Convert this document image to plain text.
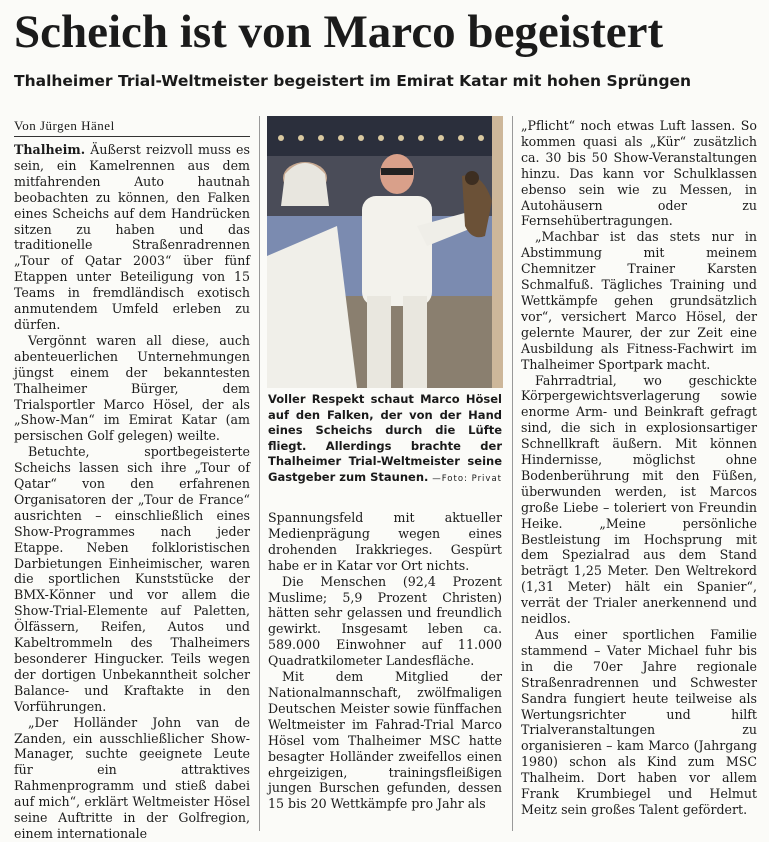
Scheich ist von Marco begeistert
Thalheimer Trial-Weltmeister begeistert im Emirat Katar mit hohen Sprüngen
Von Jürgen Hänel

Thalheim. Äußerst reizvoll muss es sein, ein Kamelrennen aus dem mitfahrenden Auto hautnah beobachten zu können, den Falken eines Scheichs auf dem Handrücken sitzen zu haben und das traditionelle Straßenradrennen „Tour of Qatar 2003“ über fünf Etappen unter Beteiligung von 15 Teams in fremdländisch exotisch anmutendem Umfeld erleben zu dürfen.

Vergönnt waren all diese, auch abenteuerlichen Unternehmungen jüngst einem der bekanntesten Thalheimer Bürger, dem Trialsportler Marco Hösel, der als „Show-Man“ im Emirat Katar (am persischen Golf gelegen) weilte.

Betuchte, sportbegeisterte Scheichs lassen sich ihre „Tour of Qatar“ von den erfahrenen Organisatoren der „Tour de France“ ausrichten – einschließlich eines Show-Programmes nach jeder Etappe. Neben folkloristischen Darbietungen Einheimischer, waren die sportlichen Kunststücke der BMX-Könner und vor allem die Show-Trial-Elemente auf Paletten, Ölfässern, Reifen, Autos und Kabeltrommeln des Thalheimers besonderer Hingucker. Teils wegen der dortigen Unbekanntheit solcher Balance- und Kraftakte in den Vorführungen.

„Der Holländer John van de Zanden, ein ausschließlicher Show-Manager, suchte geeignete Leute für ein attraktives Rahmenprogramm und stieß dabei auf mich“, erklärt Weltmeister Hösel seine Auftritte in der Golfregion, einem internationale

Voller Respekt schaut Marco Hösel auf den Falken, der von der Hand eines Scheichs durch die Lüfte fliegt. Allerdings brachte der Thalheimer Trial-Weltmeister seine Gastgeber zum Staunen. —Foto: Privat

Spannungsfeld mit aktueller Medienprägung wegen eines drohenden Irakkrieges. Gespürt habe er in Katar vor Ort nichts.

Die Menschen (92,4 Prozent Muslime; 5,9 Prozent Christen) hätten sehr gelassen und freundlich gewirkt. Insgesamt leben ca. 589.000 Einwohner auf 11.000 Quadratkilometer Landesfläche.

Mit dem Mitglied der Nationalmannschaft, zwölfmaligen Deutschen Meister sowie fünffachen Weltmeister im Fahrad-Trial Marco Hösel vom Thalheimer MSC hatte besagter Holländer zweifellos einen ehrgeizigen, trainingsfleißigen jungen Burschen gefunden, dessen 15 bis 20 Wettkämpfe pro Jahr als

„Pflicht“ noch etwas Luft lassen. So kommen quasi als „Kür“ zusätzlich ca. 30 bis 50 Show-Veranstaltungen hinzu. Das kann vor Schulklassen ebenso sein wie zu Messen, in Autohäusern oder zu Fernsehübertragungen.

„Machbar ist das stets nur in Abstimmung mit meinem Chemnitzer Trainer Karsten Schmalfuß. Tägliches Training und Wettkämpfe gehen grundsätzlich vor“, versichert Marco Hösel, der gelernte Maurer, der zur Zeit eine Ausbildung als Fitness-Fachwirt im Thalheimer Sportpark macht.

Fahrradtrial, wo geschickte Körpergewichtsverlagerung sowie enorme Arm- und Beinkraft gefragt sind, die sich in explosionsartiger Schnellkraft äußern. Mit können Hindernisse, möglichst ohne Bodenberührung mit den Füßen, überwunden werden, ist Marcos große Liebe – toleriert von Freundin Heike. „Meine persönliche Bestleistung im Hochsprung mit dem Spezialrad aus dem Stand beträgt 1,25 Meter. Den Weltrekord (1,31 Meter) hält ein Spanier“, verrät der Trialer anerkennend und neidlos.

Aus einer sportlichen Familie stammend – Vater Michael fuhr bis in die 70er Jahre regionale Straßenradrennen und Schwester Sandra fungiert heute teilweise als Wertungsrichter und hilft Trialveranstaltungen zu organisieren – kam Marco (Jahrgang 1980) schon als Kind zum MSC Thalheim. Dort haben vor allem Frank Krumbiegel und Helmut Meitz sein großes Talent gefördert.
